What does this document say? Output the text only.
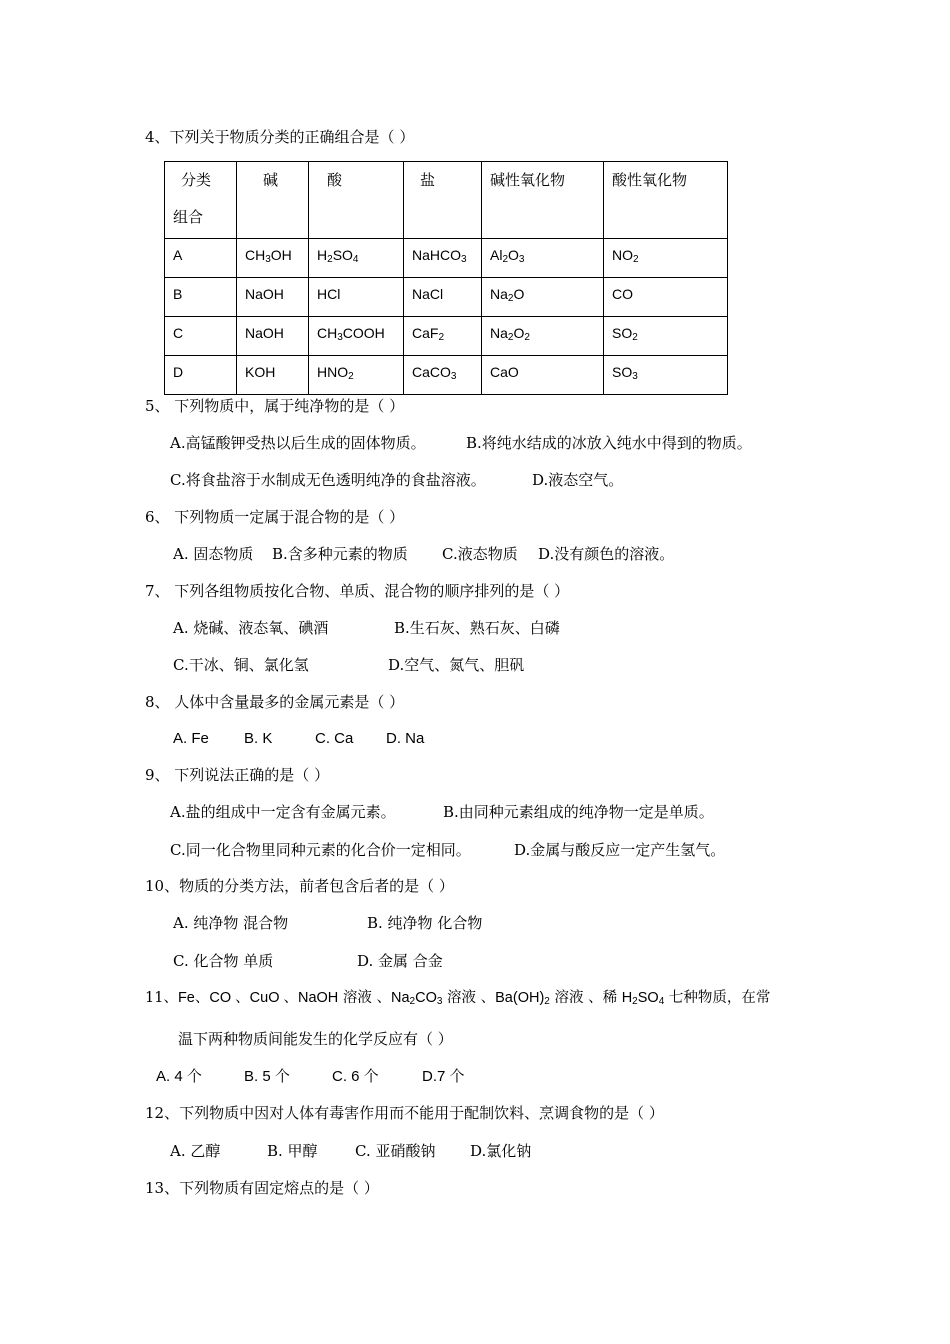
4、下列关于物质分类的正确组合是（ ）
分类
组合	碱	酸	盐	碱性氧化物	酸性氧化物
A	$CH_3OH$	$H_2SO_4$	NaHCO$_3$	$Al_2O_3$	$NO_2$
B	NaOH	HCl	NaCl	$Na_2O$	CO
C	NaOH	$CH_3COOH$	CaF$_2$	$Na_2O_2$	$SO_2$
D	KOH	$HNO_2$	CaCO$_3$	CaO	$SO_3$
5、 下列物质中，属于纯净物的是（ ）
A.高锰酸钾受热以后生成的固体物质。	B.将纯水结成的冰放入纯水中得到的物质。
C.将食盐溶于水制成无色透明纯净的食盐溶液。	D.液态空气。
6、 下列物质一定属于混合物的是（ ）
A. 固态物质 B.含多种元素的物质 C.液态物质 D.没有颜色的溶液。
7、 下列各组物质按化合物、单质、混合物的顺序排列的是（ ）
A. 烧碱、液态氧、碘酒	B.生石灰、熟石灰、白磷
C.干冰、铜、氯化氢	D.空气、氮气、胆矾
8、 人体中含量最多的金属元素是（ ）
A. Fe B. K	C. Ca D. Na
9、 下列说法正确的是（ ）
A.盐的组成中一定含有金属元素。	B.由同种元素组成的纯净物一定是单质。
C.同一化合物里同种元素的化合价一定相同。	D.金属与酸反应一定产生氢气。
10、物质的分类方法，前者包含后者的是（ ）
A. 纯净物 混合物	B. 纯净物 化合物
C. 化合物 单质	D. 金属 合金
11、Fe、CO 、CuO 、NaOH 溶液 、$Na_2CO_3$ 溶液 、$Ba(OH)_2$ 溶液 、稀 $H_2SO_4$ 七种物质，在常
温下两种物质间能发生的化学反应有（ ）
A. 4 个	B. 5 个	C. 6 个	D.7 个
12、下列物质中因对人体有毒害作用而不能用于配制饮料、烹调食物的是（ ）
A. 乙醇	B. 甲醇 C. 亚硝酸钠 D.氯化钠
13、下列物质有固定熔点的是（ ）
